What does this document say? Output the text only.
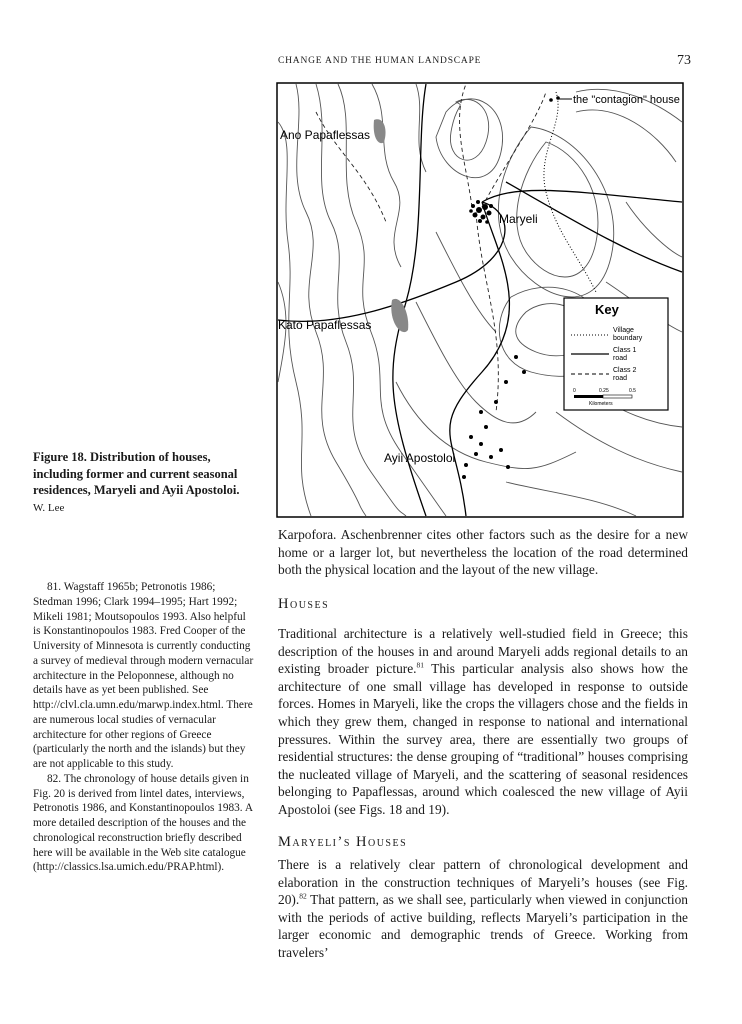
CHANGE AND THE HUMAN LANDSCAPE	73
the "contagion" house
Ano Papaflessas
Maryeli
Kato Papaflessas
Ayii Apostoloi
Key
Village
boundary
Class 1
road
Class 2
road
0	0.25	0.5
Kilometers
Figure 18. Distribution of houses, including former and current seasonal residences, Maryeli and Ayii Apostoloi. W. Lee

81. Wagstaff 1965b; Petronotis 1986; Stedman 1996; Clark 1994–1995; Hart 1992; Mikeli 1981; Moutsopoulos 1993. Also helpful is Konstantinopoulos 1983. Fred Cooper of the University of Minnesota is currently conducting a survey of medieval through modern vernacular architecture in the Peloponnese, although no details have as yet been published. See http://clvl.cla.umn.edu/marwp.index.html. There are numerous local studies of vernacular architecture for other regions of Greece (particularly the north and the islands) but they are not applicable to this study.

82. The chronology of house details given in Fig. 20 is derived from lintel dates, interviews, Petronotis 1986, and Konstantinopoulos 1983. A more detailed description of the houses and the chronological reconstruction briefly described here will be available in the Web site catalogue (http://classics.lsa.umich.edu/PRAP.html).

Karpofora. Aschenbrenner cites other factors such as the desire for a new home or a larger lot, but nevertheless the location of the road determined both the physical location and the layout of the new village.

Houses

Traditional architecture is a relatively well-studied field in Greece; this description of the houses in and around Maryeli adds regional details to an existing broader picture.$^{81}$ This particular analysis also shows how the architecture of one small village has developed in response to outside forces. Homes in Maryeli, like the crops the villagers chose and the fields in which they grew them, changed in response to national and international pressures. Within the survey area, there are essentially two groups of residential structures: the dense grouping of “traditional” houses comprising the nucleated village of Maryeli, and the scattering of seasonal residences belonging to Papaflessas, around which coalesced the new village of Ayii Apostoloi (see Figs. 18 and 19).

Maryeli’s Houses

There is a relatively clear pattern of chronological development and elaboration in the construction techniques of Maryeli’s houses (see Fig. 20).$^{82}$ That pattern, as we shall see, particularly when viewed in conjunction with the periods of active building, reflects Maryeli’s participation in the larger economic and demographic trends of Greece. Working from travelers’
